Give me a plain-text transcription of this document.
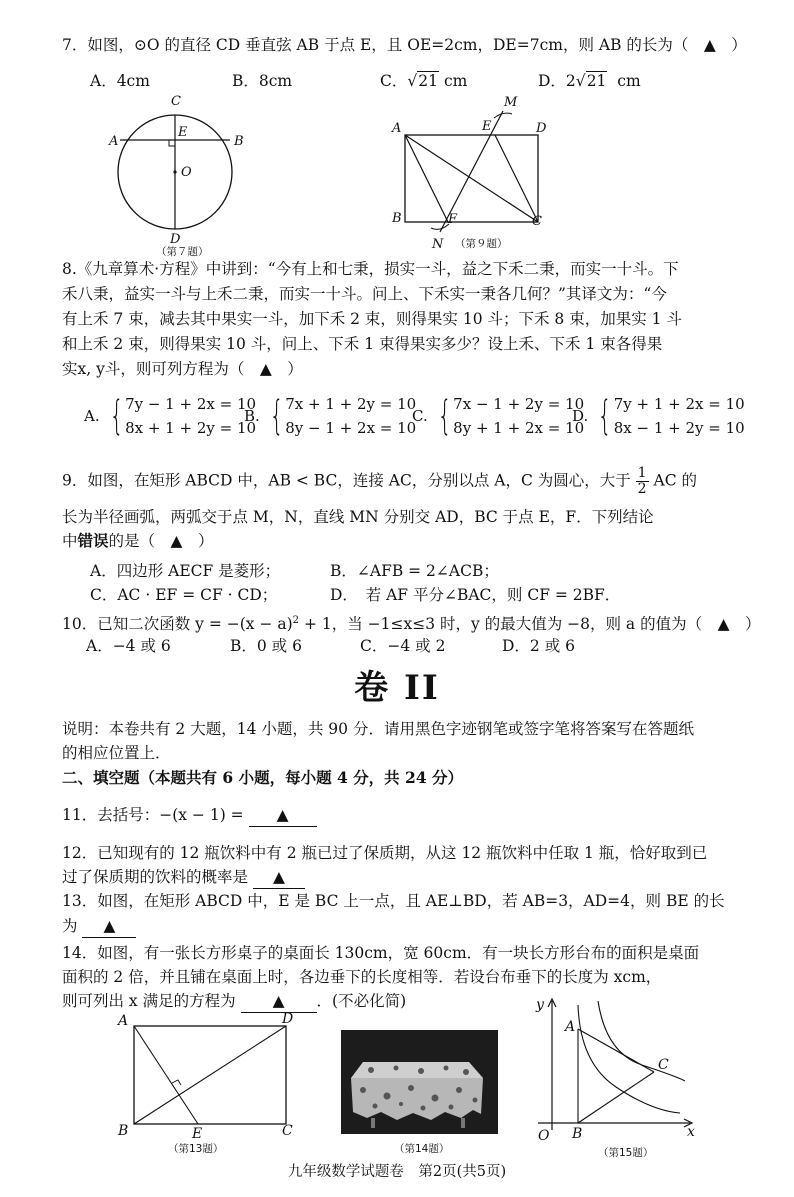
7．如图，⊙O 的直径 CD 垂直弦 AB 于点 E，且 OE=2cm，DE=7cm，则 AB 的长为（　▲　）
A．4cm	B．8cm	C．√21 cm	D．2√21 cm
C
A
E
B
O
D
（第７题）
A	E
M
D
B	F	C
N （第９题）
8.《九章算术·方程》中讲到：“今有上和七秉，损实一斗，益之下禾二秉，而实一十斗。下
禾八秉，益实一斗与上禾二秉，而实一十斗。问上、下禾实一秉各几何？”其译文为：“今
有上禾 7 束，减去其中果实一斗，加下禾 2 束，则得果实 10 斗；下禾 8 束，加果实 1 斗
和上禾 2 束，则得果实 10 斗，问上、下禾 1 束得果实多少？设上禾、下禾 1 束各得果
实x, y斗，则可列方程为（　▲　）
A. { 7y − 1 + 2x = 10
8x + 1 + 2y = 10
B. { 7x + 1 + 2y = 10
8y − 1 + 2x = 10
C. { 7x − 1 + 2y = 10
8y + 1 + 2x = 10
D. { 7y + 1 + 2x = 10
8x − 1 + 2y = 10
9．如图，在矩形 ABCD 中，AB < BC，连接 AC，分别以点 A，C 为圆心，大于 $\frac{1}{2}$ AC 的
长为半径画弧，两弧交于点 M，N，直线 MN 分别交 AD，BC 于点 E，F．下列结论
中错误的是（　▲　）
A．四边形 AECF 是菱形；	B．∠AFB = 2∠ACB；
C．AC · EF = CF · CD；	D．　若 AF 平分∠BAC，则 CF = 2BF．
10．已知二次函数 $y = -(x - a)^2 + 1$，当 −1≤x≤3 时，y 的最大值为 −8，则 a 的值为（　▲　）
A．−4 或 6	B．0 或 6	C．−4 或 2	D．2 或 6
卷 II
说明：本卷共有 2 大题，14 小题，共 90 分．请用黑色字迹钢笔或签字笔将答案写在答题纸
的相应位置上．
二、填空题（本题共有 6 小题，每小题 4 分，共 24 分）
11．去括号：−(x − 1) = ▲
12．已知现有的 12 瓶饮料中有 2 瓶已过了保质期，从这 12 瓶饮料中任取 1 瓶，恰好取到已
过了保质期的饮料的概率是 ▲
13．如图，在矩形 ABCD 中，E 是 BC 上一点，且 AE⊥BD，若 AB=3，AD=4，则 BE 的长
为 ▲
14．如图，有一张长方形桌子的桌面长 130cm，宽 60cm．有一块长方形台布的面积是桌面
面积的 2 倍，并且铺在桌面上时，各边垂下的长度相等．若设台布垂下的长度为 xcm，
则可列出 x 满足的方程为 ▲ ．(不必化简)
A	D
B	E	C
（第13题）	（第14题）
y
A
C
O B	x
（第15题）
九年级数学试题卷　第2页(共5页)
